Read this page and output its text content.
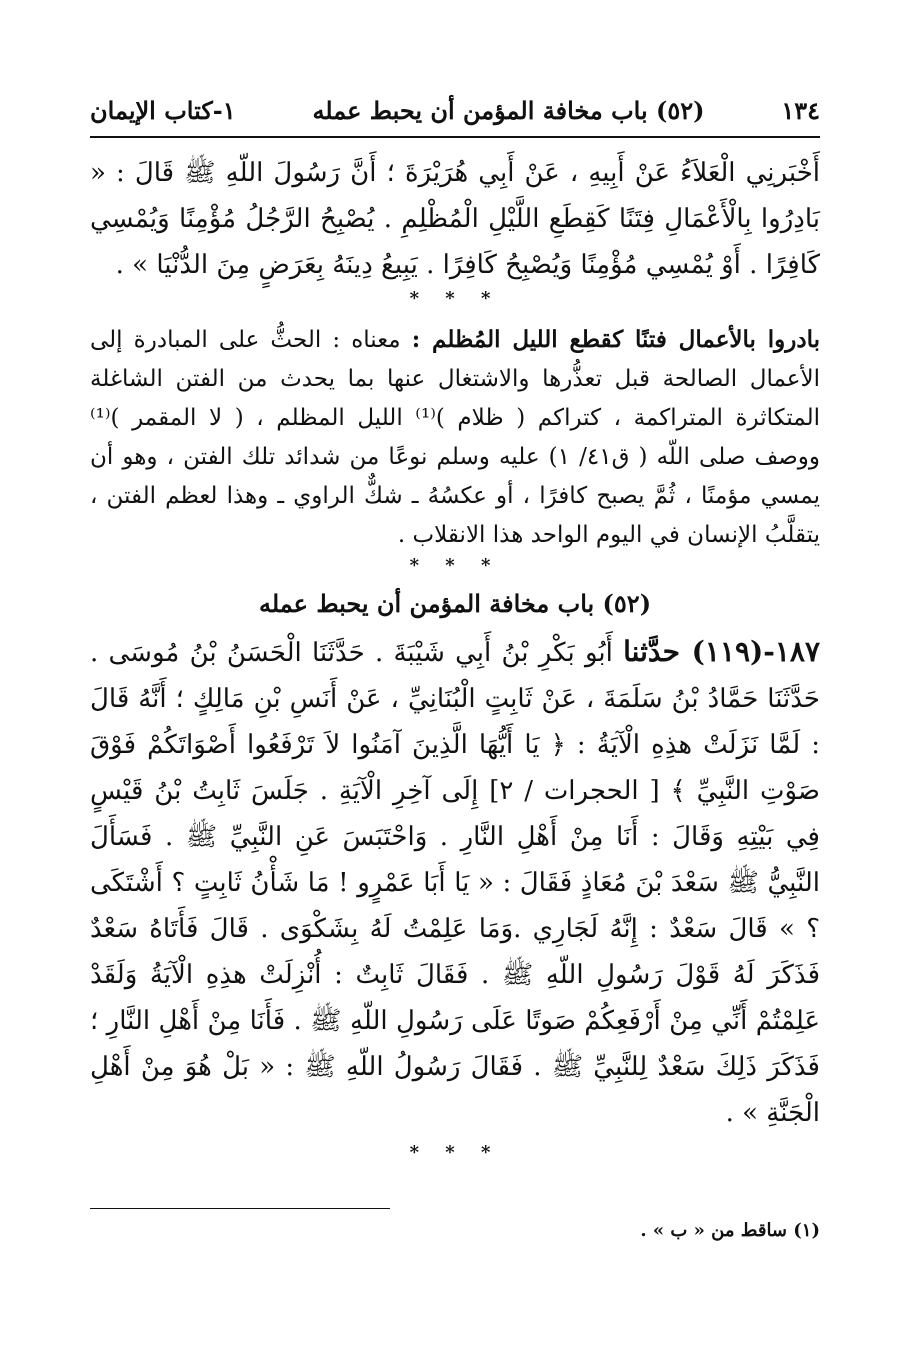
١٣٤
(٥٢) باب مخافة المؤمن أن يحبط عمله
١-كتاب الإيمان
أَخْبَرنِي الْعَلاَءُ عَنْ أَبِيهِ ، عَنْ أَبِي هُرَيْرَةَ ؛ أَنَّ رَسُولَ اللّهِ ﷺ قَالَ : « بَادِرُوا بِالْأَعْمَالِ فِتَنًا كَقِطَعِ اللَّيْلِ الْمُظْلِمِ . يُصْبِحُ الرَّجُلُ مُؤْمِنًا وَيُمْسِي كَافِرًا . أَوْ يُمْسِي مُؤْمِنًا وَيُصْبِحُ كَافِرًا . يَبِيعُ دِينَهُ بِعَرَضٍ مِنَ الدُّنْيَا » .
* * *
بادروا بالأعمال فتنًا كقطع الليل المُظلم : معناه : الحثُّ على المبادرة إلى الأعمال الصالحة قبل تعذُّرها والاشتغال عنها بما يحدث من الفتن الشاغلة المتكاثرة المتراكمة ، كتراكم ( ظلام )⁽¹⁾ الليل المظلم ، ( لا المقمر )⁽¹⁾ ووصف صلى اللّه ( ق٤١/ ١) عليه وسلم نوعًا من شدائد تلك الفتن ، وهو أن يمسي مؤمنًا ، ثُمَّ يصبح كافرًا ، أو عكسُهُ ـ شكٌّ الراوي ـ وهذا لعظم الفتن ، يتقلَّبُ الإنسان في اليوم الواحد هذا الانقلاب .
* * *
(٥٢) باب مخافة المؤمن أن يحبط عمله
١٨٧-(١١٩) حدَّثنا أَبُو بَكْرِ بْنُ أَبِي شَيْبَةَ . حَدَّثَنَا الْحَسَنُ بْنُ مُوسَى . حَدَّثَنَا حَمَّادُ بْنُ سَلَمَةَ ، عَنْ ثَابِتٍ الْبُنَانِيِّ ، عَنْ أَنَسِ بْنِ مَالِكٍ ؛ أَنَّهُ قَالَ : لَمَّا نَزَلَتْ هذِهِ الْآيَةُ : ﴿ يَا أَيُّهَا الَّذِينَ آمَنُوا لاَ تَرْفَعُوا أَصْوَاتَكُمْ فَوْقَ صَوْتِ النَّبِيِّ ﴾ [ الحجرات / ٢] إِلَى آخِرِ الْآيَةِ . جَلَسَ ثَابِتُ بْنُ قَيْسٍ فِي بَيْتِهِ وَقَالَ : أَنَا مِنْ أَهْلِ النَّارِ . وَاحْتَبَسَ عَنِ النَّبِيِّ ﷺ . فَسَأَلَ النَّبِيُّ ﷺ سَعْدَ بْنَ مُعَاذٍ فَقَالَ : « يَا أَبَا عَمْرٍو ! مَا شَأْنُ ثَابِتٍ ؟ أَشْتَكَى ؟ » قَالَ سَعْدٌ : إِنَّهُ لَجَارِي .وَمَا عَلِمْتُ لَهُ بِشَكْوَى . قَالَ فَأَتَاهُ سَعْدٌ فَذَكَرَ لَهُ قَوْلَ رَسُولِ اللّهِ ﷺ . فَقَالَ ثَابِتٌ : أُنْزِلَتْ هذِهِ الْآيَةُ وَلَقَدْ عَلِمْتُمْ أَنِّي مِنْ أَرْفَعِكُمْ صَوتًا عَلَى رَسُولِ اللّهِ ﷺ . فَأَنَا مِنْ أَهْلِ النَّارِ ؛ فَذَكَرَ ذَلِكَ سَعْدٌ لِلنَّبِيِّ ﷺ . فَقَالَ رَسُولُ اللّهِ ﷺ : « بَلْ هُوَ مِنْ أَهْلِ الْجَنَّةِ » .
* * *
(١) ساقط من « ب » .
